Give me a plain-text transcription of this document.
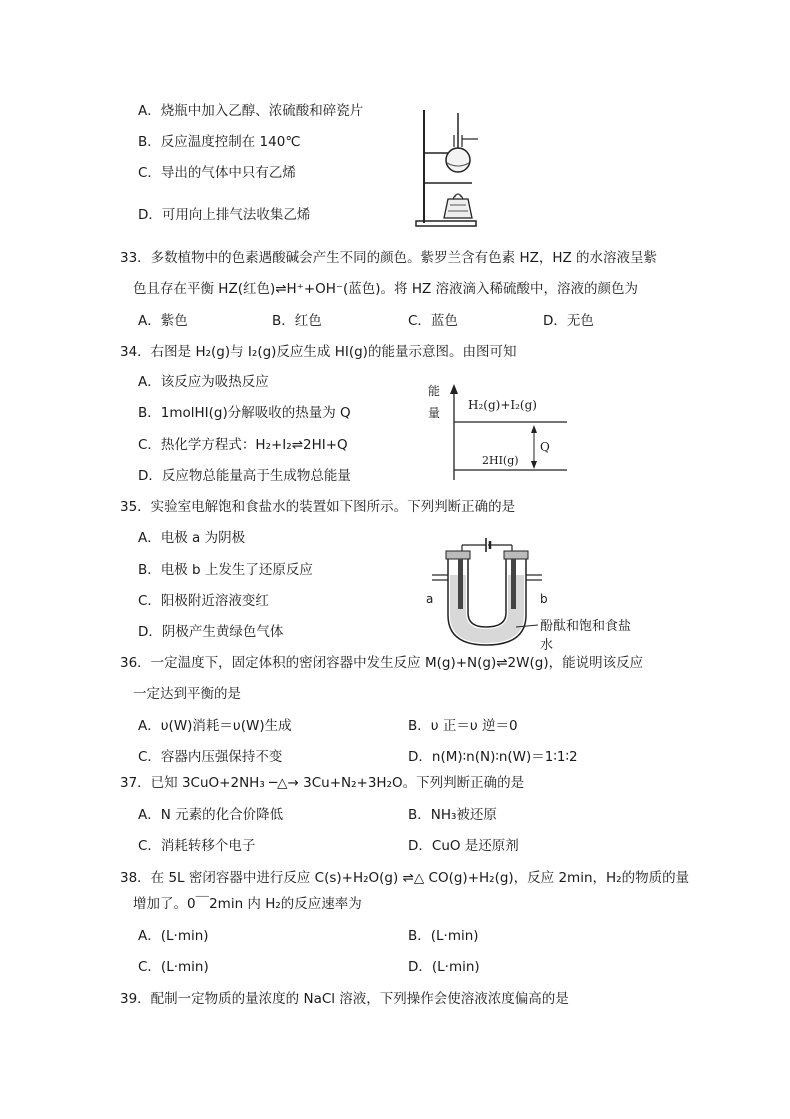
A．烧瓶中加入乙醇、浓硫酸和碎瓷片
B．反应温度控制在 140℃
C．导出的气体中只有乙烯
D．可用向上排气法收集乙烯
33．多数植物中的色素遇酸碱会产生不同的颜色。紫罗兰含有色素 HZ，HZ 的水溶液呈紫
色且存在平衡 HZ(红色)⇌H⁺+OH⁻(蓝色)。将 HZ 溶液滴入稀硫酸中，溶液的颜色为
A．紫色	B．红色	C．蓝色	D．无色
34．右图是 H₂(g)与 I₂(g)反应生成 HI(g)的能量示意图。由图可知
A．该反应为吸热反应
B．1molHI(g)分解吸收的热量为 Q
C．热化学方程式：H₂+I₂⇌2HI+Q
D．反应物总能量高于生成物总能量
能
量
H₂(g)+I₂(g)
2HI(g)
Q
35．实验室电解饱和食盐水的装置如下图所示。下列判断正确的是
A．电极 a 为阴极
B．电极 b 上发生了还原反应
C．阳极附近溶液变红
D．阴极产生黄绿色气体
a	b
酚酞和饱和食盐水
36．一定温度下，固定体积的密闭容器中发生反应 M(g)+N(g)⇌2W(g)，能说明该反应
一定达到平衡的是
A．υ(W)消耗＝υ(W)生成	B．υ 正＝υ 逆＝0
C．容器内压强保持不变	D．n(M)∶n(N)∶n(W)＝1∶1∶2
37．已知 3CuO+2NH₃ ─△→ 3Cu+N₂+3H₂O。下列判断正确的是
A．N 元素的化合价降低	B．NH₃被还原
C．消耗转移个电子	D．CuO 是还原剂
38．在 5L 密闭容器中进行反应 C(s)+H₂O(g) ⇌△ CO(g)+H₂(g)，反应 2min，H₂的物质的量
增加了。0￣2min 内 H₂的反应速率为
A．(L·min)	B．(L·min)
C．(L·min)	D．(L·min)
39．配制一定物质的量浓度的 NaCl 溶液，下列操作会使溶液浓度偏高的是
